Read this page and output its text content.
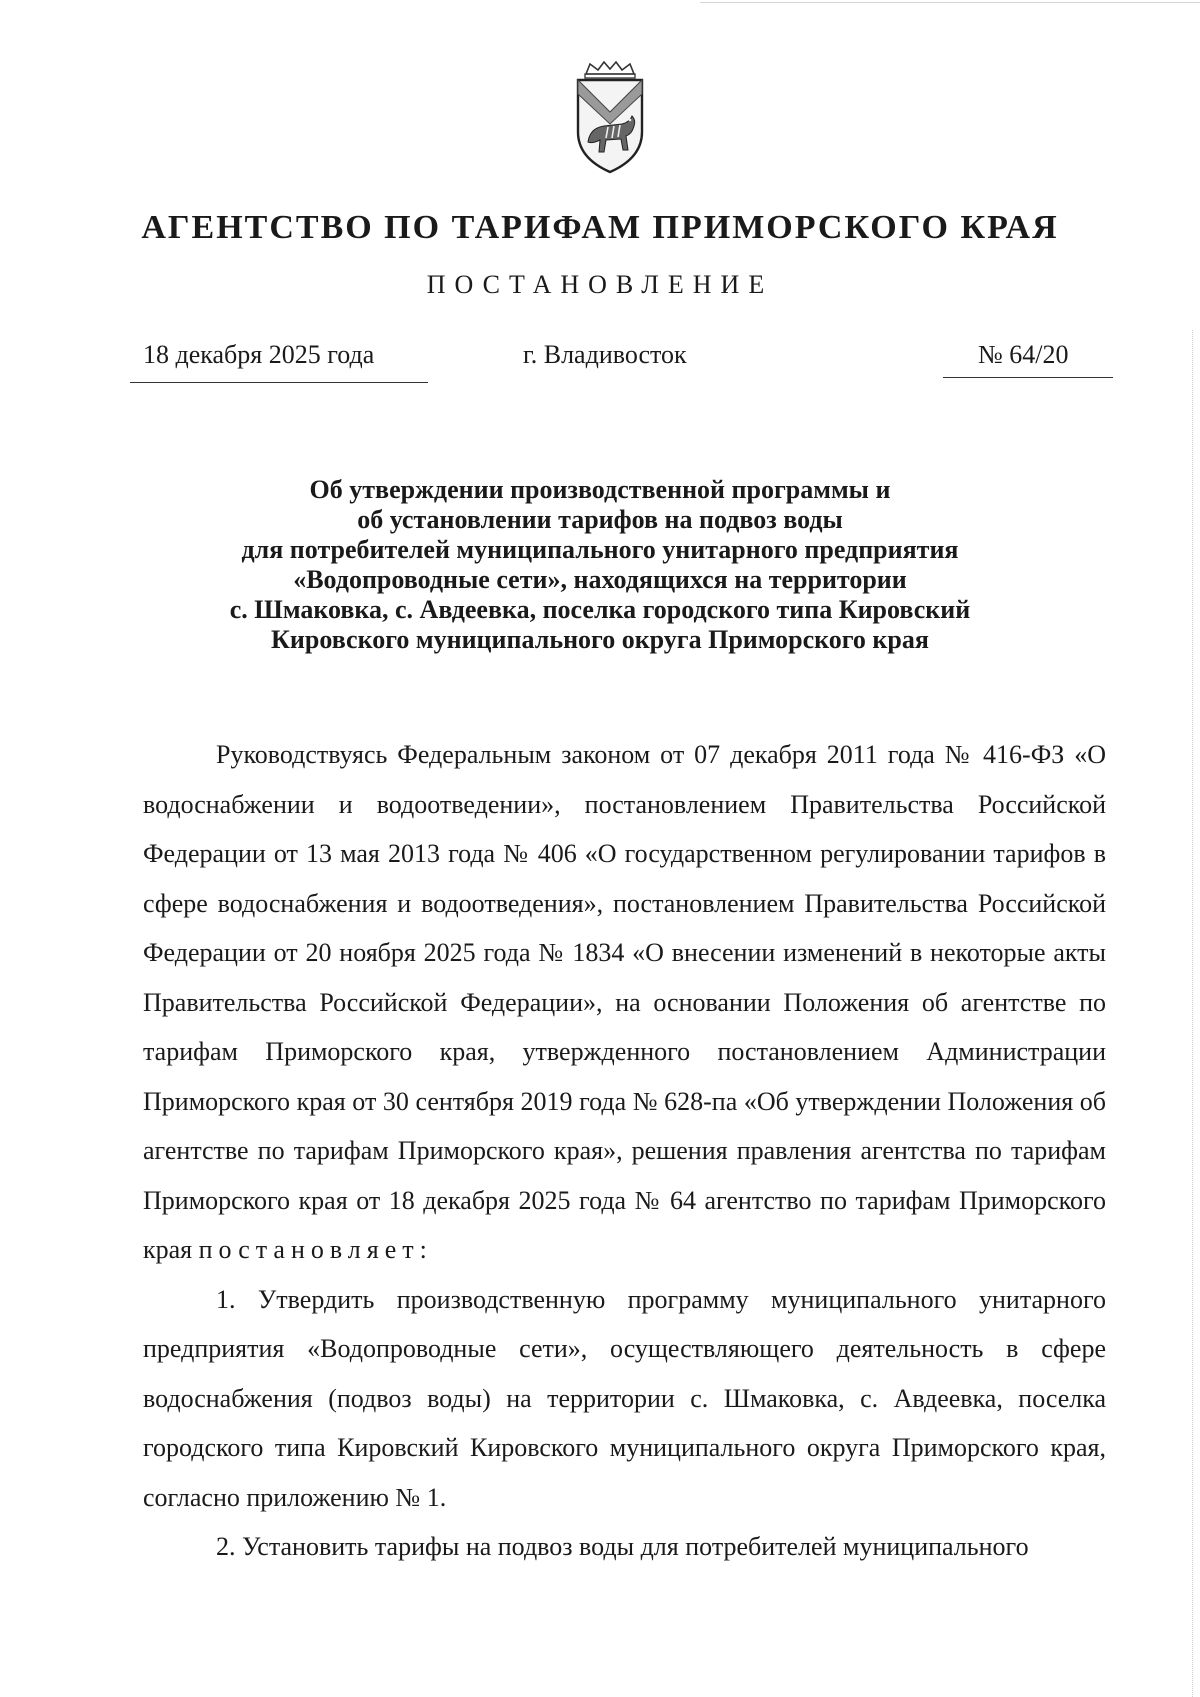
АГЕНТСТВО ПО ТАРИФАМ ПРИМОРСКОГО КРАЯ
ПОСТАНОВЛЕНИЕ
18 декабря 2025 года	г. Владивосток	№ 64/20
Об утверждении производственной программы и
об установлении тарифов на подвоз воды
для потребителей муниципального унитарного предприятия
«Водопроводные сети», находящихся на территории
с. Шмаковка, с. Авдеевка, поселка городского типа Кировский
Кировского муниципального округа Приморского края

Руководствуясь Федеральным законом от 07 декабря 2011 года № 416-ФЗ «О водоснабжении и водоотведении», постановлением Правительства Российской Федерации от 13 мая 2013 года № 406 «О государственном регулировании тарифов в сфере водоснабжения и водоотведения», постановлением Правительства Российской Федерации от 20 ноября 2025 года № 1834 «О внесении изменений в некоторые акты Правительства Российской Федерации», на основании Положения об агентстве по тарифам Приморского края, утвержденного постановлением Администрации Приморского края от 30 сентября 2019 года № 628-па «Об утверждении Положения об агентстве по тарифам Приморского края», решения правления агентства по тарифам Приморского края от 18 декабря 2025 года № 64 агентство по тарифам Приморского края постановляет:

1. Утвердить производственную программу муниципального унитарного предприятия «Водопроводные сети», осуществляющего деятельность в сфере водоснабжения (подвоз воды) на территории с. Шмаковка, с. Авдеевка, поселка городского типа Кировский Кировского муниципального округа Приморского края, согласно приложению № 1.

2. Установить тарифы на подвоз воды для потребителей муниципального
